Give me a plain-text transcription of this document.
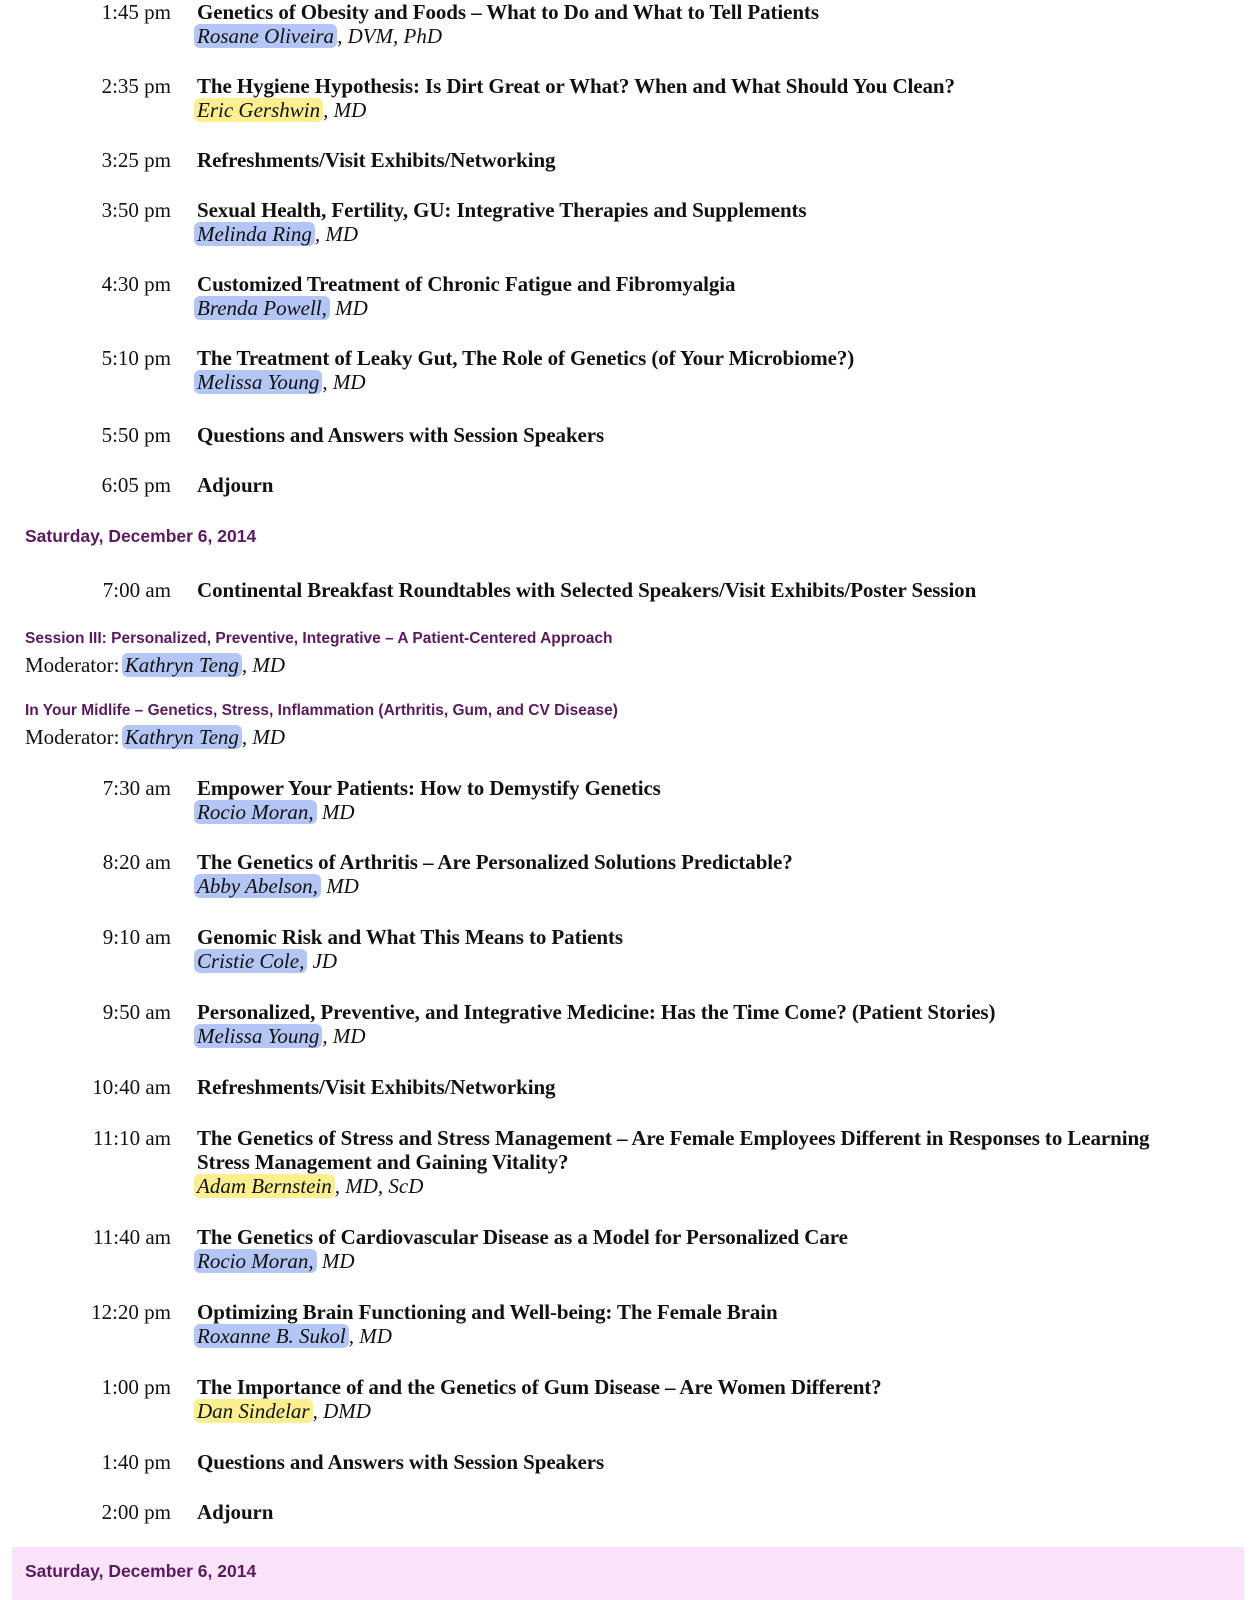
1:45 pm Genetics of Obesity and Foods – What to Do and What to Tell Patients
Rosane Oliveira , DVM, PhD
2:35 pm The Hygiene Hypothesis: Is Dirt Great or What? When and What Should You Clean?
Eric Gershwin , MD
3:25 pm Refreshments/Visit Exhibits/Networking
3:50 pm Sexual Health, Fertility, GU: Integrative Therapies and Supplements
Melinda Ring , MD
4:30 pm Customized Treatment of Chronic Fatigue and Fibromyalgia
Brenda Powell, MD
5:10 pm The Treatment of Leaky Gut, The Role of Genetics (of Your Microbiome?)
Melissa Young , MD
5:50 pm Questions and Answers with Session Speakers
6:05 pm Adjourn
Saturday, December 6, 2014
7:00 am Continental Breakfast Roundtables with Selected Speakers/Visit Exhibits/Poster Session
Session III: Personalized, Preventive, Integrative – A Patient-Centered Approach
Moderator: Kathryn Teng , MD
In Your Midlife – Genetics, Stress, Inflammation (Arthritis, Gum, and CV Disease)
Moderator: Kathryn Teng , MD
7:30 am Empower Your Patients: How to Demystify Genetics
Rocio Moran, MD
8:20 am The Genetics of Arthritis – Are Personalized Solutions Predictable?
Abby Abelson, MD
9:10 am Genomic Risk and What This Means to Patients
Cristie Cole, JD
9:50 am Personalized, Preventive, and Integrative Medicine: Has the Time Come? (Patient Stories)
Melissa Young , MD
10:40 am Refreshments/Visit Exhibits/Networking
11:10 am The Genetics of Stress and Stress Management – Are Female Employees Different in Responses to Learning Stress Management and Gaining Vitality?
Adam Bernstein , MD, ScD
11:40 am The Genetics of Cardiovascular Disease as a Model for Personalized Care
Rocio Moran, MD
12:20 pm Optimizing Brain Functioning and Well-being: The Female Brain
Roxanne B. Sukol , MD
1:00 pm The Importance of and the Genetics of Gum Disease – Are Women Different?
Dan Sindelar , DMD
1:40 pm Questions and Answers with Session Speakers
2:00 pm Adjourn
Saturday, December 6, 2014
